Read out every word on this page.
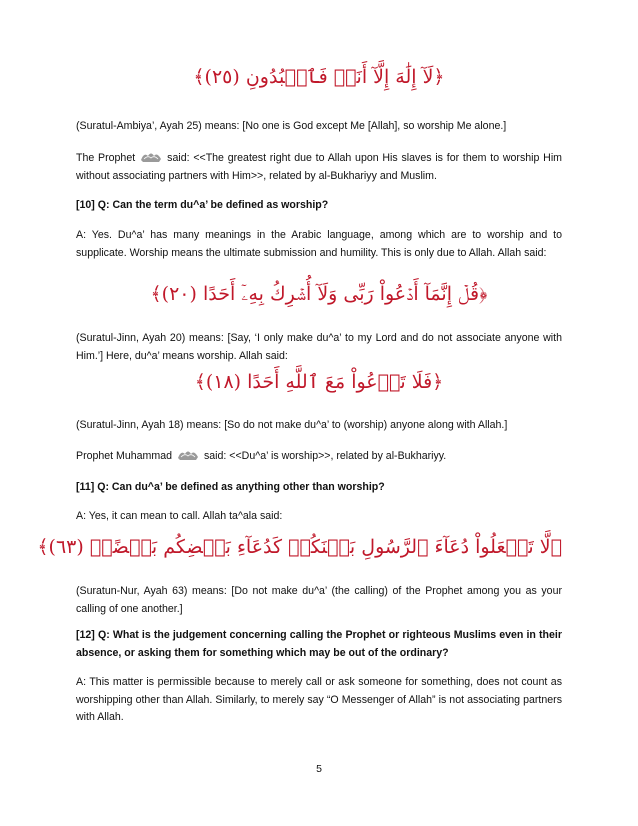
﴿لَآ إِلَٰهَ إِلَّآ أَنَا۠ فَٱعۡبُدُونِ (٢٥)﴾

(Suratul-Ambiya’, Ayah 25) means: [No one is God except Me [Allah], so worship Me alone.]

The Prophet	said: <<The greatest right due to Allah upon His slaves is for them to worship Him without associating partners with Him>>, related by al-Bukhariyy and Muslim.

[10] Q: Can the term du^a’ be defined as worship?

A: Yes. Du^a’ has many meanings in the Arabic language, among which are to worship and to supplicate. Worship means the ultimate submission and humility. This is only due to Allah. Allah said:

﴿قُلۡ إِنَّمَآ أَدۡعُواْ رَبِّى وَلَآ أُشۡرِكُ بِهِۦٓ أَحَدًا (٢٠)﴾

(Suratul-Jinn, Ayah 20) means: [Say, ‘I only make du^a’ to my Lord and do not associate anyone with Him.’] Here, du^a’ means worship. Allah said:

﴿فَلَا تَدۡعُواْ مَعَ ٱللَّهِ أَحَدًا (١٨)﴾

(Suratul-Jinn, Ayah 18) means: [So do not make du^a’ to (worship) anyone along with Allah.]

Prophet Muhammad	said: <<Du^a’ is worship>>, related by al-Bukhariyy.

[11] Q: Can du^a’ be defined as anything other than worship?

A: Yes, it can mean to call. Allah ta^ala said:

﴿لَّا تَجۡعَلُواْ دُعَآءَ ٱلرَّسُولِ بَيۡنَكُمۡ كَدُعَآءِ بَعۡضِكُم بَعۡضًاۚ (٦٣)﴾

(Suratun-Nur, Ayah 63) means: [Do not make du^a’ (the calling) of the Prophet among you as your calling of one another.]

[12] Q: What is the judgement concerning calling the Prophet or righteous Muslims even in their absence, or asking them for something which may be out of the ordinary?

A: This matter is permissible because to merely call or ask someone for something, does not count as worshipping other than Allah. Similarly, to merely say “O Messenger of Allah” is not associating partners with Allah.

5
